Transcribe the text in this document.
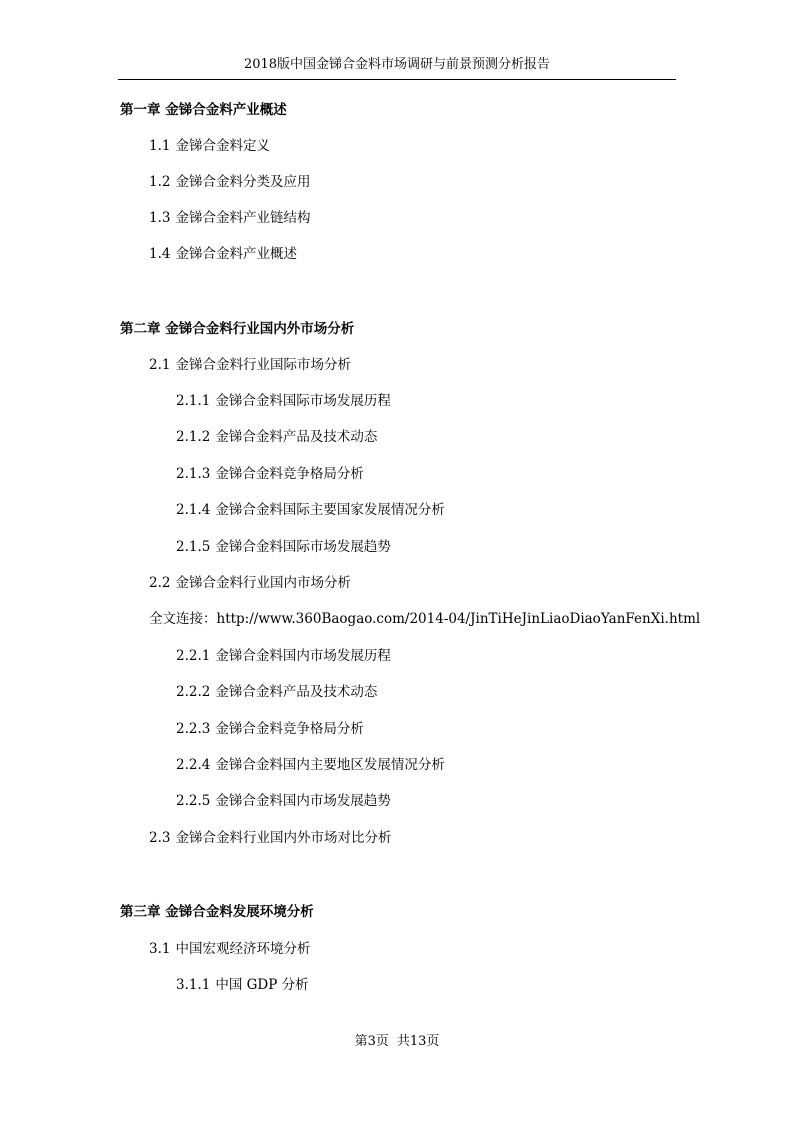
2018版中国金锑合金料市场调研与前景预测分析报告
第一章 金锑合金料产业概述
1.1 金锑合金料定义
1.2 金锑合金料分类及应用
1.3 金锑合金料产业链结构
1.4 金锑合金料产业概述
第二章 金锑合金料行业国内外市场分析
2.1 金锑合金料行业国际市场分析
2.1.1 金锑合金料国际市场发展历程
2.1.2 金锑合金料产品及技术动态
2.1.3 金锑合金料竞争格局分析
2.1.4 金锑合金料国际主要国家发展情况分析
2.1.5 金锑合金料国际市场发展趋势
2.2 金锑合金料行业国内市场分析
全文连接：http://www.360Baogao.com/2014-04/JinTiHeJinLiaoDiaoYanFenXi.html
2.2.1 金锑合金料国内市场发展历程
2.2.2 金锑合金料产品及技术动态
2.2.3 金锑合金料竞争格局分析
2.2.4 金锑合金料国内主要地区发展情况分析
2.2.5 金锑合金料国内市场发展趋势
2.3 金锑合金料行业国内外市场对比分析
第三章 金锑合金料发展环境分析
3.1 中国宏观经济环境分析
3.1.1 中国 GDP 分析
第3页 共13页
